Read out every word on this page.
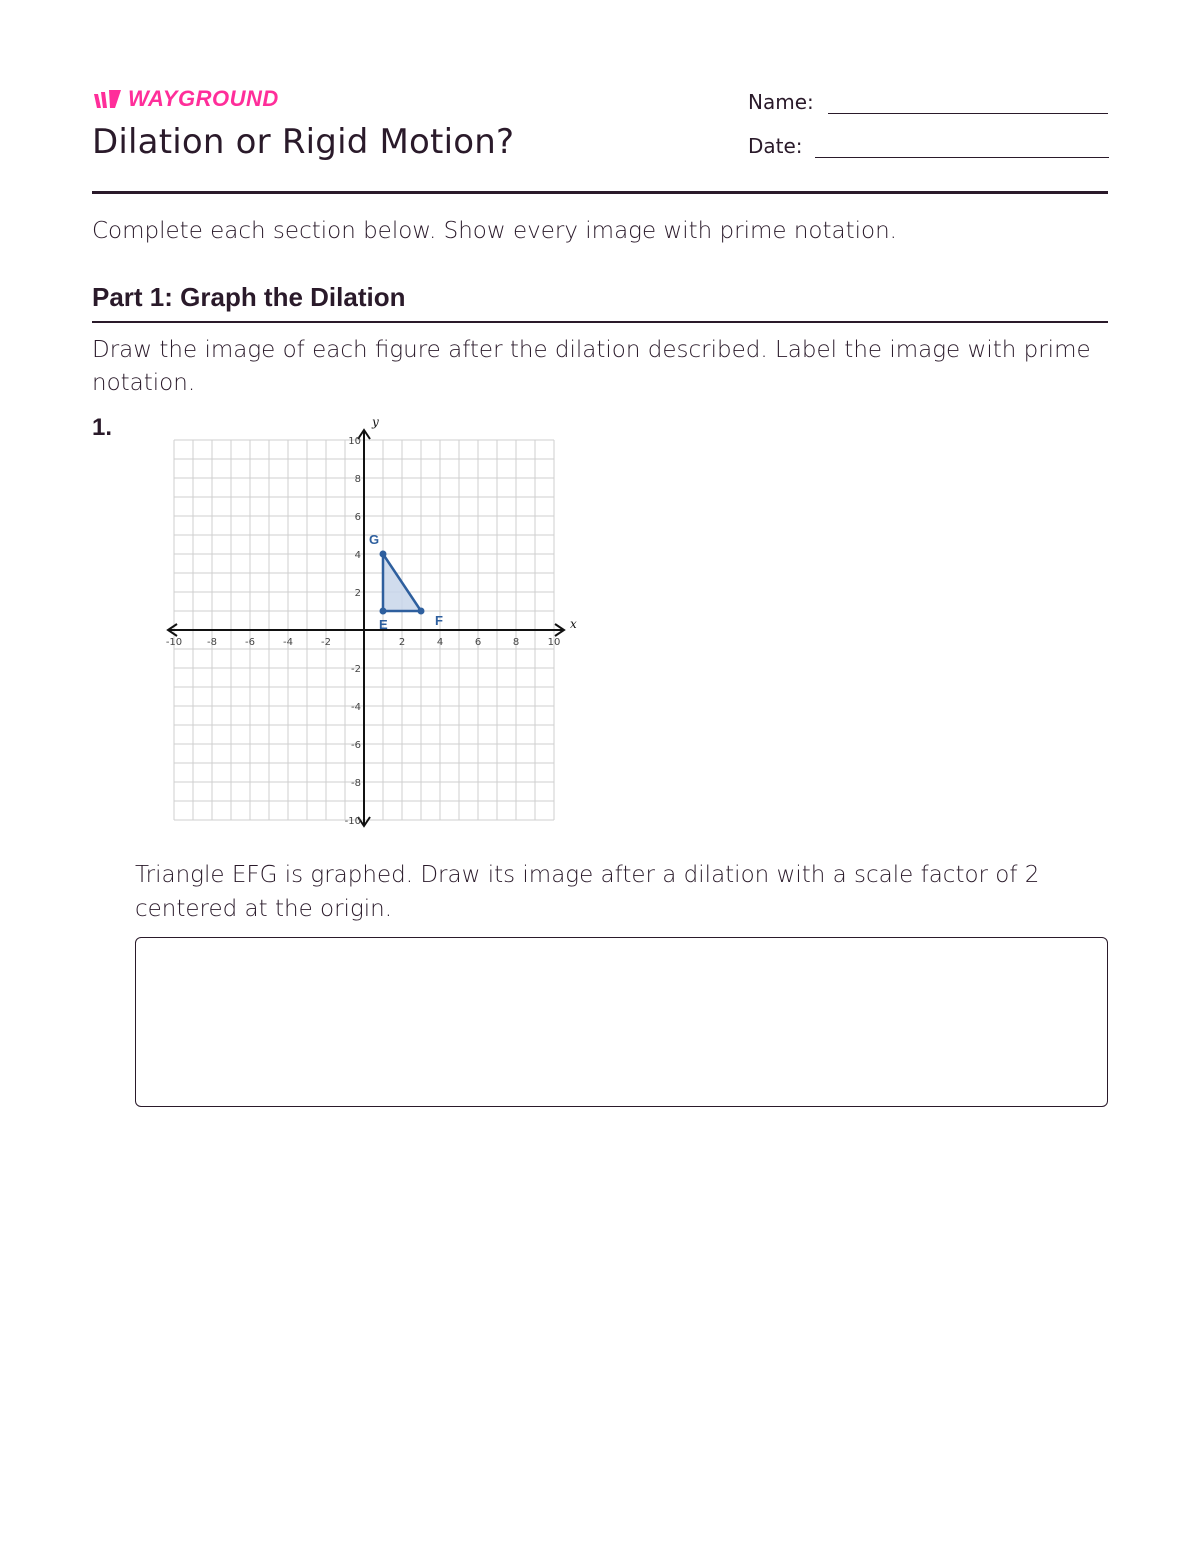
WAYGROUND
Dilation or Rigid Motion?
Name:
Date:
Complete each section below. Show every image with prime notation.
Part 1: Graph the Dilation
Draw the image of each figure after the dilation described. Label the image with prime notation.
1.
x
y
-10 -8	-6	-4	-2	2	4	6	8	10
10
8
6
4
2
-2
-4
-6
-8
-10
E	F
G
Triangle EFG is graphed. Draw its image after a dilation with a scale factor of 2 centered at the origin.
